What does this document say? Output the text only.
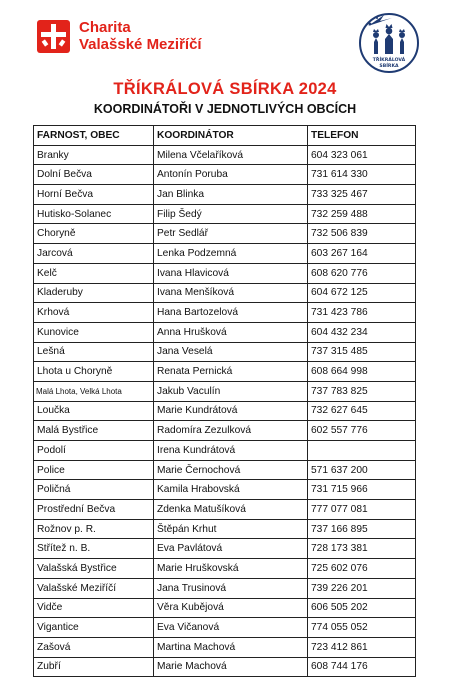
Charita
Valašské Meziříčí
TŘÍKRÁLOVÁ
SBÍRKA
TŘÍKRÁLOVÁ SBÍRKA 2024
KOORDINÁTOŘI V JEDNOTLIVÝCH OBCÍCH
FARNOST, OBEC	KOORDINÁTOR	TELEFON
Branky	Milena Včelaříková	604 323 061
Dolní Bečva	Antonín Poruba	731 614 330
Horní Bečva	Jan Blinka	733 325 467
Hutisko-Solanec	Filip Šedý	732 259 488
Choryně	Petr Sedlář	732 506 839
Jarcová	Lenka Podzemná	603 267 164
Kelč	Ivana Hlavicová	608 620 776
Kladeruby	Ivana Menšíková	604 672 125
Krhová	Hana Bartozelová	731 423 786
Kunovice	Anna Hrušková	604 432 234
Lešná	Jana Veselá	737 315 485
Lhota u Choryně	Renata Pernická	608 664 998
Malá Lhota, Velká Lhota	Jakub Vaculín	737 783 825
Loučka	Marie Kundrátová	732 627 645
Malá Bystřice	Radomíra Zezulková	602 557 776
Podolí	Irena Kundrátová	
Police	Marie Černochová	571 637 200
Poličná	Kamila Hrabovská	731 715 966
Prostřední Bečva	Zdenka Matušíková	777 077 081
Rožnov p. R.	Štěpán Krhut	737 166 895
Střítež n. B.	Eva Pavlátová	728 173 381
Valašská Bystřice	Marie Hruškovská	725 602 076
Valašské Meziříčí	Jana Trusinová	739 226 201
Vidče	Věra Kubějová	606 505 202
Vigantice	Eva Vičanová	774 055 052
Zašová	Martina Machová	723 412 861
Zubří	Marie Machová	608 744 176
